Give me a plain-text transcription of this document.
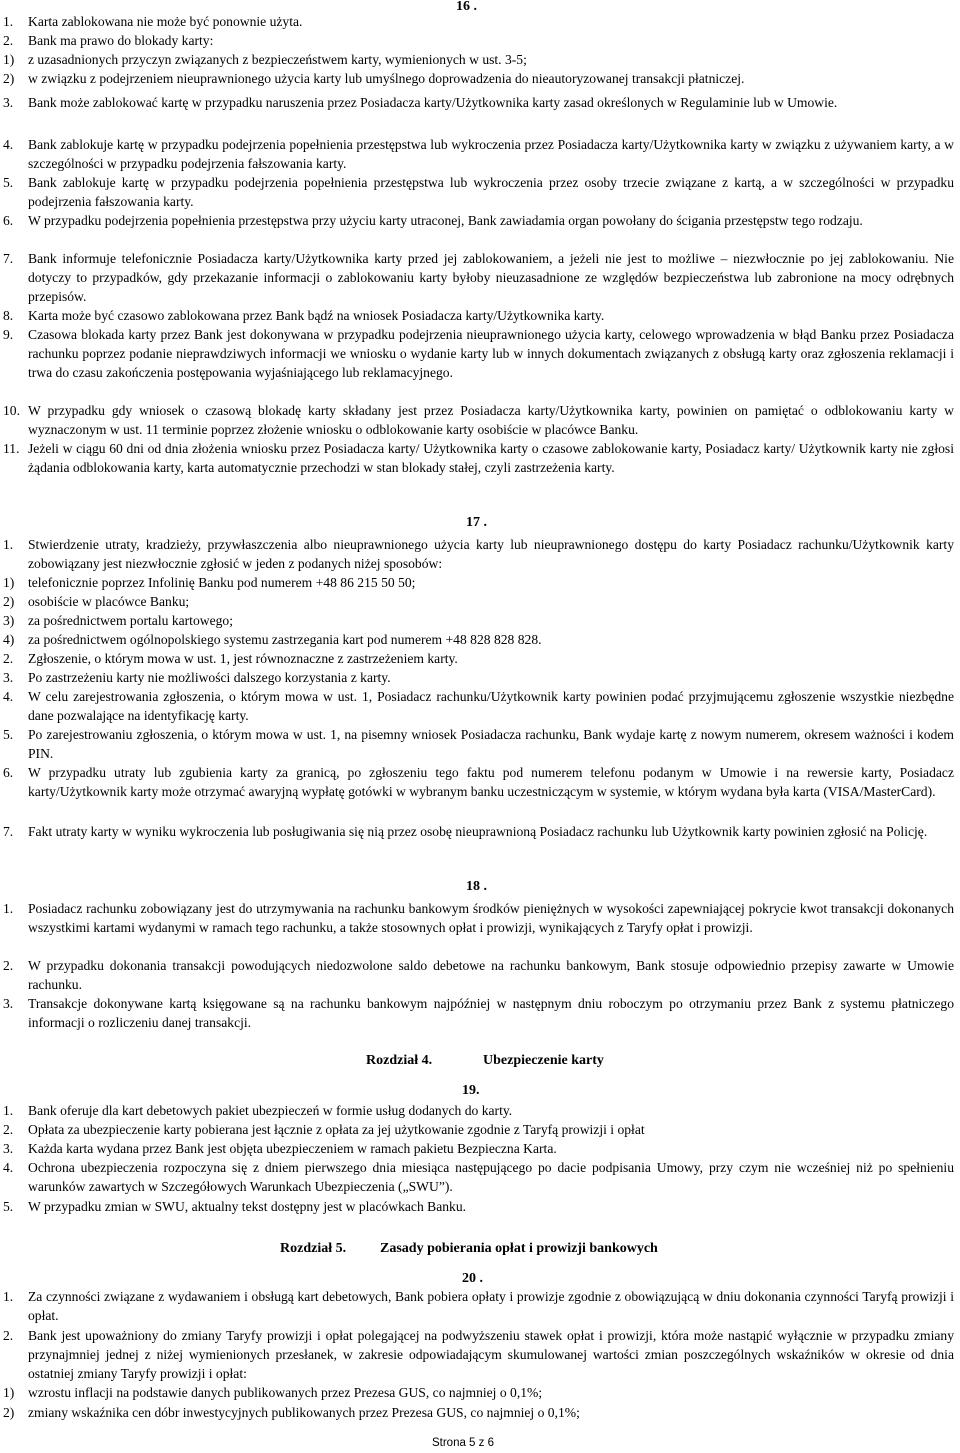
16 .
1. Karta zablokowana nie może być ponownie użyta.
2. Bank ma prawo do blokady karty:
1) z uzasadnionych przyczyn związanych z bezpieczeństwem karty, wymienionych w ust. 3-5;
2) w związku z podejrzeniem nieuprawnionego użycia karty lub umyślnego doprowadzenia do nieautoryzowanej transakcji płatniczej.
3. Bank może zablokować kartę w przypadku naruszenia przez Posiadacza karty/Użytkownika karty zasad określonych w Regulaminie lub w Umowie.
4. Bank zablokuje kartę w przypadku podejrzenia popełnienia przestępstwa lub wykroczenia przez Posiadacza karty/Użytkownika karty w związku z używaniem karty, a w szczególności w przypadku podejrzenia fałszowania karty.
5. Bank zablokuje kartę w przypadku podejrzenia popełnienia przestępstwa lub wykroczenia przez osoby trzecie związane z kartą, a w szczególności w przypadku podejrzenia fałszowania karty.
6. W przypadku podejrzenia popełnienia przestępstwa przy użyciu karty utraconej, Bank zawiadamia organ powołany do ścigania przestępstw tego rodzaju.
7. Bank informuje telefonicznie Posiadacza karty/Użytkownika karty przed jej zablokowaniem, a jeżeli nie jest to możliwe – niezwłocznie po jej zablokowaniu. Nie dotyczy to przypadków, gdy przekazanie informacji o zablokowaniu karty byłoby nieuzasadnione ze względów bezpieczeństwa lub zabronione na mocy odrębnych przepisów.
8. Karta może być czasowo zablokowana przez Bank bądź na wniosek Posiadacza karty/Użytkownika karty.
9. Czasowa blokada karty przez Bank jest dokonywana w przypadku podejrzenia nieuprawnionego użycia karty, celowego wprowadzenia w błąd Banku przez Posiadacza rachunku poprzez podanie nieprawdziwych informacji we wniosku o wydanie karty lub w innych dokumentach związanych z obsługą karty oraz zgłoszenia reklamacji i trwa do czasu zakończenia postępowania wyjaśniającego lub reklamacyjnego.
10. W przypadku gdy wniosek o czasową blokadę karty składany jest przez Posiadacza karty/Użytkownika karty, powinien on pamiętać o odblokowaniu karty w wyznaczonym w ust. 11 terminie poprzez złożenie wniosku o odblokowanie karty osobiście w placówce Banku.
11. Jeżeli w ciągu 60 dni od dnia złożenia wniosku przez Posiadacza karty/ Użytkownika karty o czasowe zablokowanie karty, Posiadacz karty/ Użytkownik karty nie zgłosi żądania odblokowania karty, karta automatycznie przechodzi w stan blokady stałej, czyli zastrzeżenia karty.
17 .
1. Stwierdzenie utraty, kradzieży, przywłaszczenia albo nieuprawnionego użycia karty lub nieuprawnionego dostępu do karty Posiadacz rachunku/Użytkownik karty zobowiązany jest niezwłocznie zgłosić w jeden z podanych niżej sposobów:
1) telefonicznie poprzez Infolinię Banku pod numerem +48 86 215 50 50;
2) osobiście w placówce Banku;
3) za pośrednictwem portalu kartowego;
4) za pośrednictwem ogólnopolskiego systemu zastrzegania kart pod numerem +48 828 828 828.
2. Zgłoszenie, o którym mowa w ust. 1, jest równoznaczne z zastrzeżeniem karty.
3. Po zastrzeżeniu karty nie możliwości dalszego korzystania z karty.
4. W celu zarejestrowania zgłoszenia, o którym mowa w ust. 1, Posiadacz rachunku/Użytkownik karty powinien podać przyjmującemu zgłoszenie wszystkie niezbędne dane pozwalające na identyfikację karty.
5. Po zarejestrowaniu zgłoszenia, o którym mowa w ust. 1, na pisemny wniosek Posiadacza rachunku, Bank wydaje kartę z nowym numerem, okresem ważności i kodem PIN.
6. W przypadku utraty lub zgubienia karty za granicą, po zgłoszeniu tego faktu pod numerem telefonu podanym w Umowie i na rewersie karty, Posiadacz karty/Użytkownik karty może otrzymać awaryjną wypłatę gotówki w wybranym banku uczestniczącym w systemie, w którym wydana była karta (VISA/MasterCard).
7. Fakt utraty karty w wyniku wykroczenia lub posługiwania się nią przez osobę nieuprawnioną Posiadacz rachunku lub Użytkownik karty powinien zgłosić na Policję.
18 .
1. Posiadacz rachunku zobowiązany jest do utrzymywania na rachunku bankowym środków pieniężnych w wysokości zapewniającej pokrycie kwot transakcji dokonanych wszystkimi kartami wydanymi w ramach tego rachunku, a także stosownych opłat i prowizji, wynikających z Taryfy opłat i prowizji.
2. W przypadku dokonania transakcji powodujących niedozwolone saldo debetowe na rachunku bankowym, Bank stosuje odpowiednio przepisy zawarte w Umowie rachunku.
3. Transakcje dokonywane kartą księgowane są na rachunku bankowym najpóźniej w następnym dniu roboczym po otrzymaniu przez Bank z systemu płatniczego informacji o rozliczeniu danej transakcji.
Rozdział 4.	Ubezpieczenie karty
19.
1. Bank oferuje dla kart debetowych pakiet ubezpieczeń w formie usług dodanych do karty.
2. Opłata za ubezpieczenie karty pobierana jest łącznie z opłata za jej użytkowanie zgodnie z Taryfą prowizji i opłat
3. Każda karta wydana przez Bank jest objęta ubezpieczeniem w ramach pakietu Bezpieczna Karta.
4. Ochrona ubezpieczenia rozpoczyna się z dniem pierwszego dnia miesiąca następującego po dacie podpisania Umowy, przy czym nie wcześniej niż po spełnieniu warunków zawartych w Szczegółowych Warunkach Ubezpieczenia („SWU”).
5. W przypadku zmian w SWU, aktualny tekst dostępny jest w placówkach Banku.
Rozdział 5. Zasady pobierania opłat i prowizji bankowych
20 .
1. Za czynności związane z wydawaniem i obsługą kart debetowych, Bank pobiera opłaty i prowizje zgodnie z obowiązującą w dniu dokonania czynności Taryfą prowizji i opłat.
2. Bank jest upoważniony do zmiany Taryfy prowizji i opłat polegającej na podwyższeniu stawek opłat i prowizji, która może nastąpić wyłącznie w przypadku zmiany przynajmniej jednej z niżej wymienionych przesłanek, w zakresie odpowiadającym skumulowanej wartości zmian poszczególnych wskaźników w okresie od dnia ostatniej zmiany Taryfy prowizji i opłat:
1) wzrostu inflacji na podstawie danych publikowanych przez Prezesa GUS, co najmniej o 0,1%;
2) zmiany wskaźnika cen dóbr inwestycyjnych publikowanych przez Prezesa GUS, co najmniej o 0,1%;
Strona 5 z 6
